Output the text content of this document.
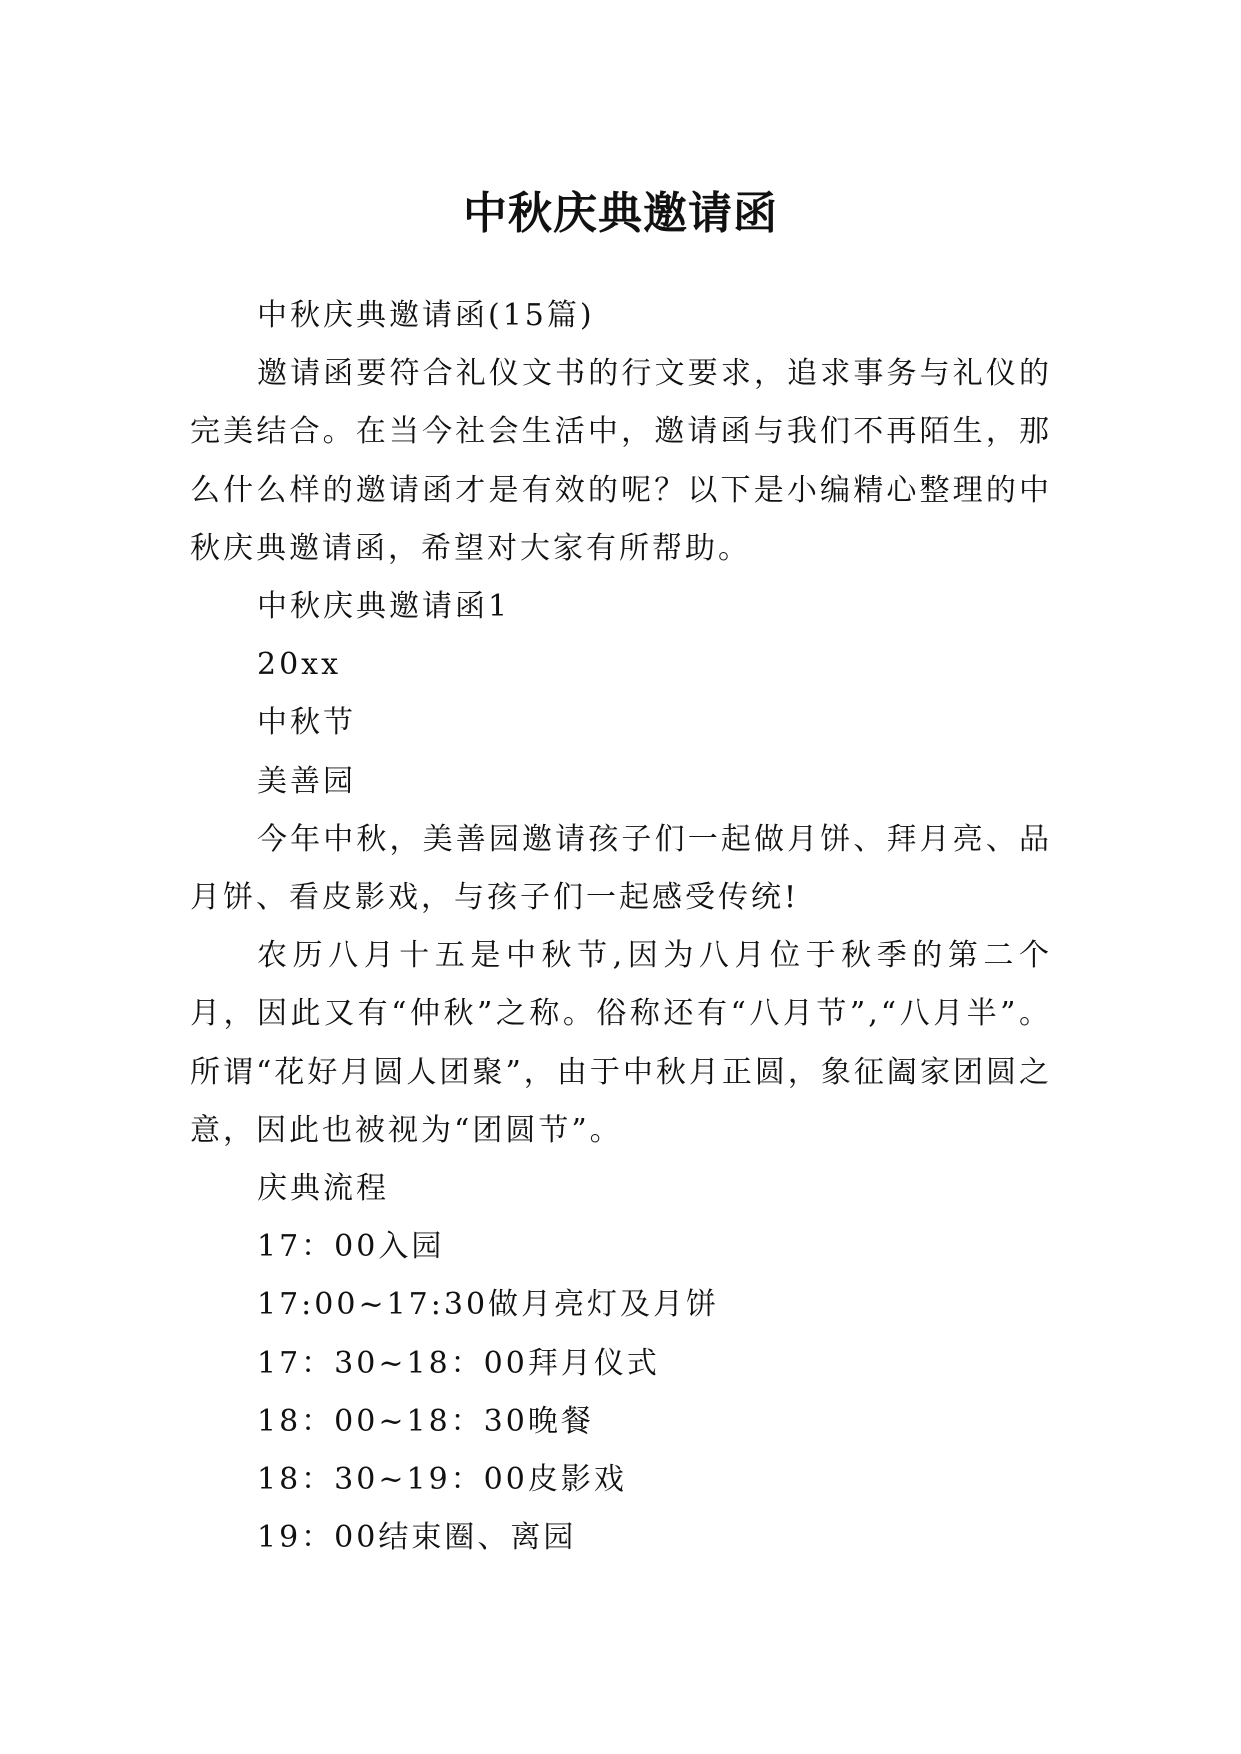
中秋庆典邀请函

中秋庆典邀请函(15篇)

邀请函要符合礼仪文书的行文要求，追求事务与礼仪的完美结合。在当今社会生活中，邀请函与我们不再陌生，那么什么样的邀请函才是有效的呢？以下是小编精心整理的中秋庆典邀请函，希望对大家有所帮助。

中秋庆典邀请函1

20xx

中秋节

美善园

今年中秋，美善园邀请孩子们一起做月饼、拜月亮、品月饼、看皮影戏，与孩子们一起感受传统!

农历八月十五是中秋节,因为八月位于秋季的第二个月，因此又有“仲秋”之称。俗称还有“八月节”,“八月半”。所谓“花好月圆人团聚”，由于中秋月正圆，象征阖家团圆之意，因此也被视为“团圆节”。

庆典流程

17：00入园

17:00~17:30做月亮灯及月饼

17：30~18：00拜月仪式

18：00~18：30晚餐

18：30~19：00皮影戏

19：00结束圈、离园
